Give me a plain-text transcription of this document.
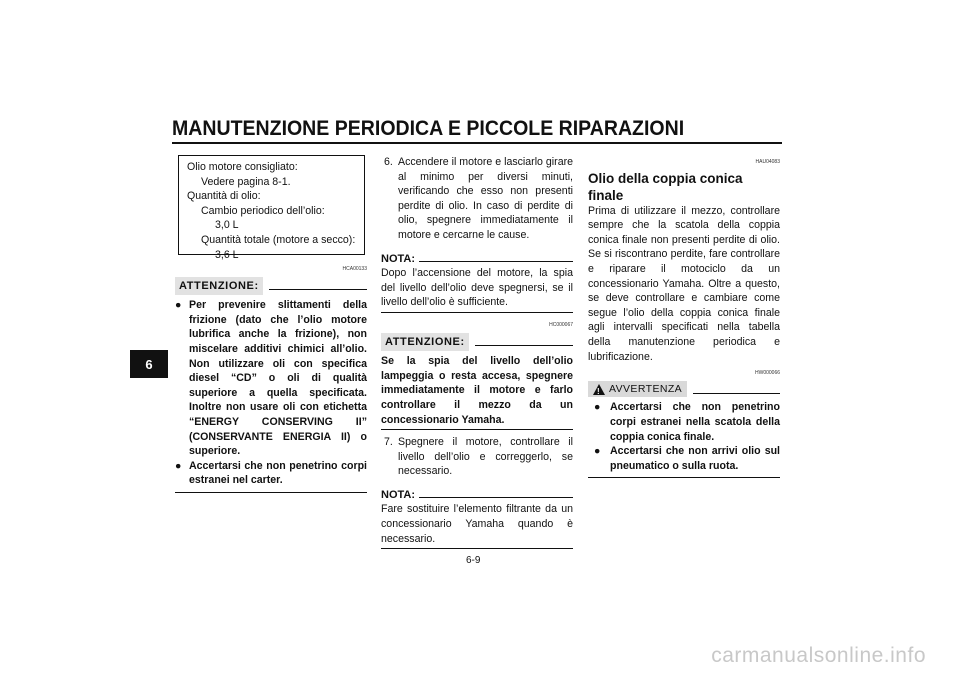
MANUTENZIONE PERIODICA E PICCOLE RIPARAZIONI
6
Olio motore consigliato:
Vedere pagina 8-1.
Quantità di olio:
Cambio periodico dell’olio:
3,0 L
Quantità totale (motore a secco):
3,6 L
HCA00133
ATTENZIONE:
● Per prevenire slittamenti della frizione (dato che l’olio motore lubrifica anche la frizione), non miscelare additivi chimici all’olio. Non utilizzare oli con specifica diesel “CD” o oli di qualità superiore a quella specificata. Inoltre non usare oli con etichetta “ENERGY CONSERVING II” (CONSERVANTE ENERGIA II) o superiore.
● Accertarsi che non penetrino corpi estranei nel carter.
6. Accendere il motore e lasciarlo girare al minimo per diversi minuti, verificando che esso non presenti perdite di olio. In caso di perdite di olio, spegnere immediatamente il motore e cercarne le cause.
NOTA:
Dopo l’accensione del motore, la spia del livello dell’olio deve spegnersi, se il livello dell’olio è sufficiente.
HC000067
ATTENZIONE:
Se la spia del livello dell’olio lampeggia o resta accesa, spegnere immediatamente il motore e farlo controllare il mezzo da un concessionario Yamaha.
7. Spegnere il motore, controllare il livello dell’olio e correggerlo, se necessario.
NOTA:
Fare sostituire l’elemento filtrante da un concessionario Yamaha quando è necessario.
HAU04083
Olio della coppia conica finale
Prima di utilizzare il mezzo, controllare sempre che la scatola della coppia conica finale non presenti perdite di olio. Se si riscontrano perdite, fare controllare e riparare il motociclo da un concessionario Yamaha. Oltre a questo, se deve controllare e cambiare come segue l’olio della coppia conica finale agli intervalli specificati nella tabella della manutenzione periodica e lubrificazione.
HW000066
! AVVERTENZA
● Accertarsi che non penetrino corpi estranei nella scatola della coppia conica finale.
● Accertarsi che non arrivi olio sul pneumatico o sulla ruota.
6-9
carmanualsonline.info
